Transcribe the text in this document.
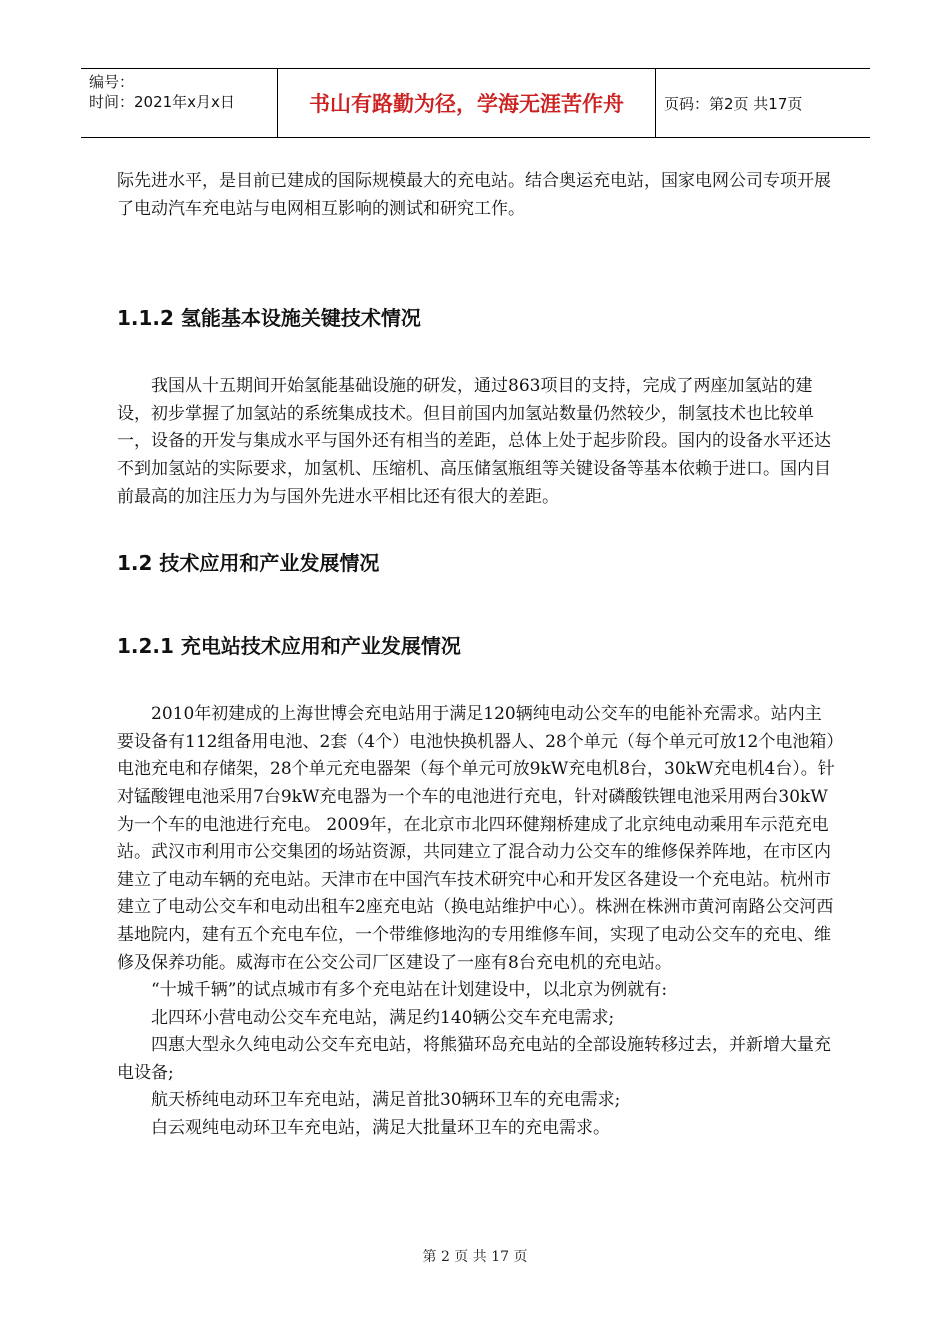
编号：
时间：2021年x月x日	书山有路勤为径，学海无涯苦作舟	页码：第2页 共17页

际先进水平，是目前已建成的国际规模最大的充电站。结合奥运充电站，国家电网公司专项开展了电动汽车充电站与电网相互影响的测试和研究工作。

1.1.2 氢能基本设施关键技术情况

我国从十五期间开始氢能基础设施的研发，通过863项目的支持，完成了两座加氢站的建设，初步掌握了加氢站的系统集成技术。但目前国内加氢站数量仍然较少，制氢技术也比较单一，设备的开发与集成水平与国外还有相当的差距，总体上处于起步阶段。国内的设备水平还达不到加氢站的实际要求，加氢机、压缩机、高压储氢瓶组等关键设备等基本依赖于进口。国内目前最高的加注压力为与国外先进水平相比还有很大的差距。

1.2 技术应用和产业发展情况
1.2.1 充电站技术应用和产业发展情况

2010年初建成的上海世博会充电站用于满足120辆纯电动公交车的电能补充需求。站内主要设备有112组备用电池、2套（4个）电池快换机器人、28个单元（每个单元可放12个电池箱）电池充电和存储架，28个单元充电器架（每个单元可放9kW充电机8台，30kW充电机4台）。针对锰酸锂电池采用7台9kW充电器为一个车的电池进行充电，针对磷酸铁锂电池采用两台30kW为一个车的电池进行充电。 2009年，在北京市北四环健翔桥建成了北京纯电动乘用车示范充电站。武汉市利用市公交集团的场站资源，共同建立了混合动力公交车的维修保养阵地，在市区内建立了电动车辆的充电站。天津市在中国汽车技术研究中心和开发区各建设一个充电站。杭州市建立了电动公交车和电动出租车2座充电站（换电站维护中心）。株洲在株洲市黄河南路公交河西基地院内，建有五个充电车位，一个带维修地沟的专用维修车间，实现了电动公交车的充电、维修及保养功能。威海市在公交公司厂区建设了一座有8台充电机的充电站。

“十城千辆”的试点城市有多个充电站在计划建设中，以北京为例就有:

北四环小营电动公交车充电站，满足约140辆公交车充电需求;

四惠大型永久纯电动公交车充电站，将熊猫环岛充电站的全部设施转移过去，并新增大量充电设备;

航天桥纯电动环卫车充电站，满足首批30辆环卫车的充电需求;

白云观纯电动环卫车充电站，满足大批量环卫车的充电需求。

第 2 页 共 17 页
